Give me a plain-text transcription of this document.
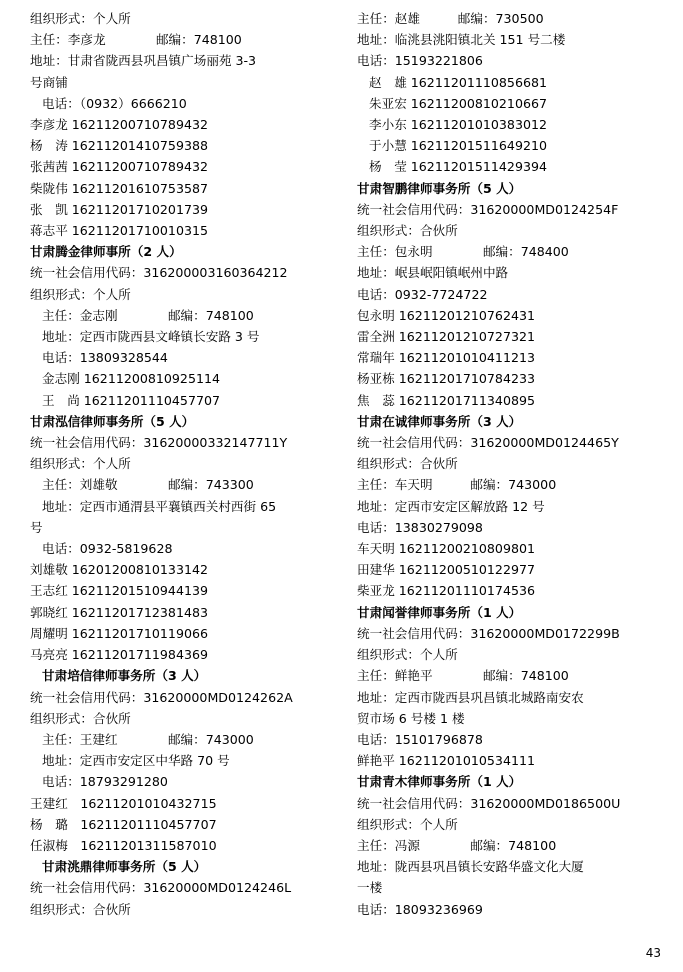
组织形式：个人所
主任：李彦龙　　　　邮编：748100
地址：甘肃省陇西县巩昌镇广场丽苑 3-3
号商铺
电话：（0932）6666210
李彦龙 16211200710789432
杨　涛 16211201410759388
张茜茜 16211200710789432
柴陇伟 16211201610753587
张　凯 16211201710201739
蒋志平 16211201710010315
甘肃腾金律师事所（2 人）
统一社会信用代码：316200003160364212
组织形式：个人所
主任：金志刚　　　　邮编：748100
地址：定西市陇西县文峰镇长安路 3 号
电话：13809328544
金志刚 16211200810925114
王　尚 16211201110457707
甘肃泓信律师事务所（5 人）
统一社会信用代码：31620000332147711Y
组织形式：个人所
主任：刘雄敬　　　　邮编：743300
地址：定西市通渭县平襄镇西关村西街 65
号
电话：0932-5819628
刘雄敬 16201200810133142
王志红 16211201510944139
郭晓红 16211201712381483
周耀明 16211201710119066
马亮亮 16211201711984369
甘肃培信律师事务所（3 人）
统一社会信用代码：31620000MD0124262A
组织形式：合伙所
主任：王建红　　　　邮编：743000
地址：定西市安定区中华路 70 号
电话：18793291280
王建红　16211201010432715
杨　璐　16211201110457707
任淑梅　16211201311587010
甘肃洮鼎律师事务所（5 人）
统一社会信用代码：31620000MD0124246L
组织形式：合伙所
主任：赵雄　　　邮编：730500
地址：临洮县洮阳镇北关 151 号二楼
电话：15193221806
赵　雄 16211201110856681
朱亚宏 16211200810210667
李小东 16211201010383012
于小慧 16211201511649210
杨　莹 16211201511429394
甘肃智鹏律师事务所（5 人）
统一社会信用代码：31620000MD0124254F
组织形式：合伙所
主任：包永明　　　　邮编：748400
地址：岷县岷阳镇岷州中路
电话：0932-7724722
包永明 16211201210762431
雷全洲 16211201210727321
常瑞年 16211201010411213
杨亚栋 16211201710784233
焦　蕊 16211201711340895
甘肃在诚律师事务所（3 人）
统一社会信用代码：31620000MD0124465Y
组织形式：合伙所
主任：车天明　　　邮编：743000
地址：定西市安定区解放路 12 号
电话：13830279098
车天明 16211200210809801
田建华 16211200510122977
柴亚龙 16211201110174536
甘肃闻誉律师事务所（1 人）
统一社会信用代码：31620000MD0172299B
组织形式：个人所
主任：鲜艳平　　　　邮编：748100
地址：定西市陇西县巩昌镇北城路南安农
贸市场 6 号楼 1 楼
电话：15101796878
鲜艳平 16211201010534111
甘肃青木律师事务所（1 人）
统一社会信用代码：31620000MD0186500U
组织形式：个人所
主任：冯源　　　　邮编：748100
地址：陇西县巩昌镇长安路华盛文化大厦
一楼
电话：18093236969
43
